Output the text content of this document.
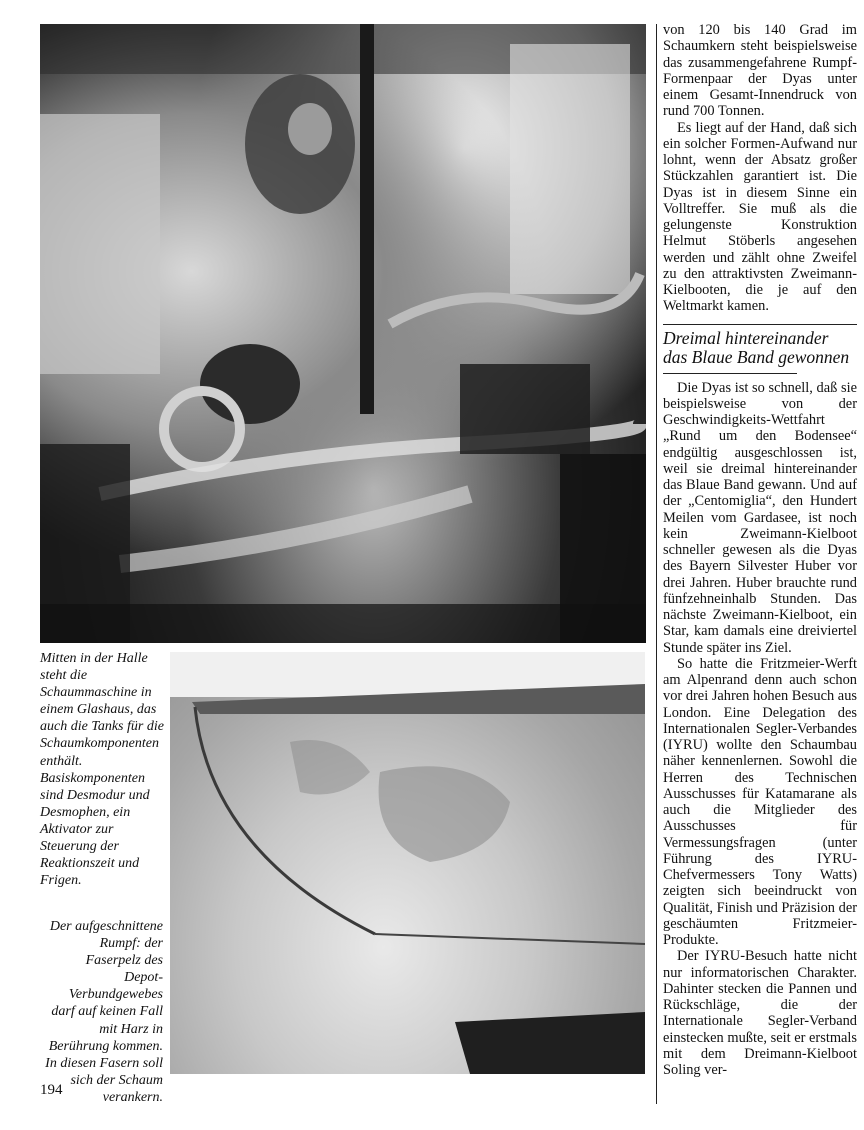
Mitten in der Halle steht die Schaummaschine in einem Glashaus, das auch die Tanks für die Schaumkomponenten enthält. Basiskomponenten sind Desmodur und Desmophen, ein Aktivator zur Steuerung der Reaktionszeit und Frigen.
Der aufgeschnittene Rumpf: der Faserpelz des Depot-Verbundgewebes darf auf keinen Fall mit Harz in Berührung kommen. In diesen Fasern soll sich der Schaum verankern.
194

von 120 bis 140 Grad im Schaumkern steht beispielsweise das zusammengefahrene Rumpf-Formenpaar der Dyas unter einem Gesamt-Innendruck von rund 700 Tonnen.

Es liegt auf der Hand, daß sich ein solcher Formen-Aufwand nur lohnt, wenn der Absatz großer Stückzahlen garantiert ist. Die Dyas ist in diesem Sinne ein Volltreffer. Sie muß als die gelungenste Konstruktion Helmut Stöberls angesehen werden und zählt ohne Zweifel zu den attraktivsten Zweimann-Kielbooten, die je auf den Weltmarkt kamen.

Dreimal hintereinander das Blaue Band gewonnen

Die Dyas ist so schnell, daß sie beispielsweise von der Geschwindigkeits-Wettfahrt „Rund um den Bodensee“ endgültig ausgeschlossen ist, weil sie dreimal hintereinander das Blaue Band gewann. Und auf der „Centomiglia“, den Hundert Meilen vom Gardasee, ist noch kein Zweimann-Kielboot schneller gewesen als die Dyas des Bayern Silvester Huber vor drei Jahren. Huber brauchte rund fünfzehneinhalb Stunden. Das nächste Zweimann-Kielboot, ein Star, kam damals eine dreiviertel Stunde später ins Ziel.

So hatte die Fritzmeier-Werft am Alpenrand denn auch schon vor drei Jahren hohen Besuch aus London. Eine Delegation des Internationalen Segler-Verbandes (IYRU) wollte den Schaumbau näher kennenlernen. Sowohl die Herren des Technischen Ausschusses für Katamarane als auch die Mitglieder des Ausschusses für Vermessungsfragen (unter Führung des IYRU-Chefvermessers Tony Watts) zeigten sich beeindruckt von Qualität, Finish und Präzision der geschäumten Fritzmeier-Produkte.

Der IYRU-Besuch hatte nicht nur informatorischen Charakter. Dahinter stecken die Pannen und Rückschläge, die der Internationale Segler-Verband einstecken mußte, seit er erstmals mit dem Dreimann-Kielboot Soling ver-
